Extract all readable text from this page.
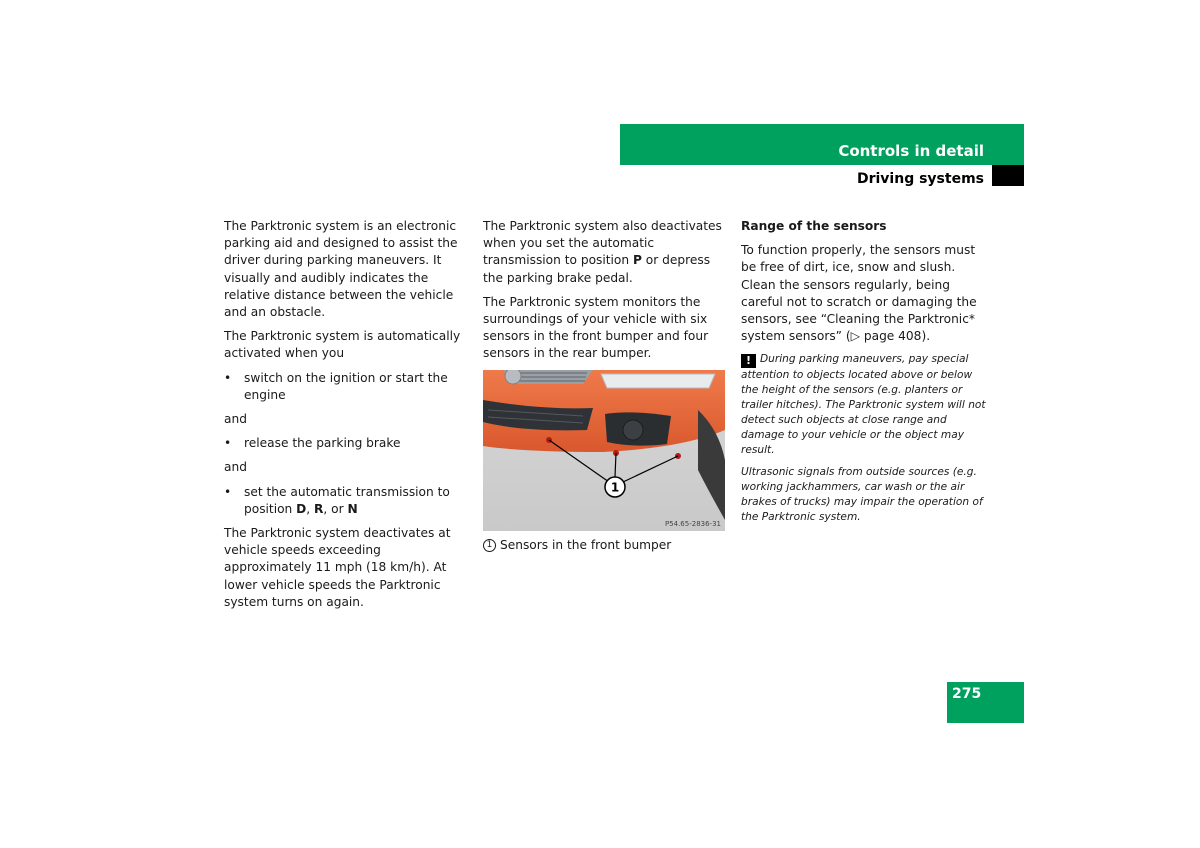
Controls in detail
Driving systems

The Parktronic system is an electronic parking aid and designed to assist the driver during parking maneuvers. It visually and audibly indicates the relative distance between the vehicle and an obstacle.

The Parktronic system is automatically activated when you

•	switch on the ignition or start the engine

and

•	release the parking brake

and

•	set the automatic transmission to position D, R, or N

The Parktronic system deactivates at vehicle speeds exceeding approximately 11 mph (18 km/h). At lower vehicle speeds the Parktronic system turns on again.

The Parktronic system also deactivates when you set the automatic transmission to position P or depress the parking brake pedal.

The Parktronic system monitors the surroundings of your vehicle with six sensors in the front bumper and four sensors in the rear bumper.

1
P54.65-2836-31
1 Sensors in the front bumper
Range of the sensors

To function properly, the sensors must be free of dirt, ice, snow and slush. Clean the sensors regularly, being careful not to scratch or damaging the sensors, see “Cleaning the Parktronic* system sensors” (▷ page 408).

! During parking maneuvers, pay special attention to objects located above or below the height of the sensors (e.g. planters or trailer hitches). The Parktronic system will not detect such objects at close range and damage to your vehicle or the object may result.

Ultrasonic signals from outside sources (e.g. working jackhammers, car wash or the air brakes of trucks) may impair the operation of the Parktronic system.

275
